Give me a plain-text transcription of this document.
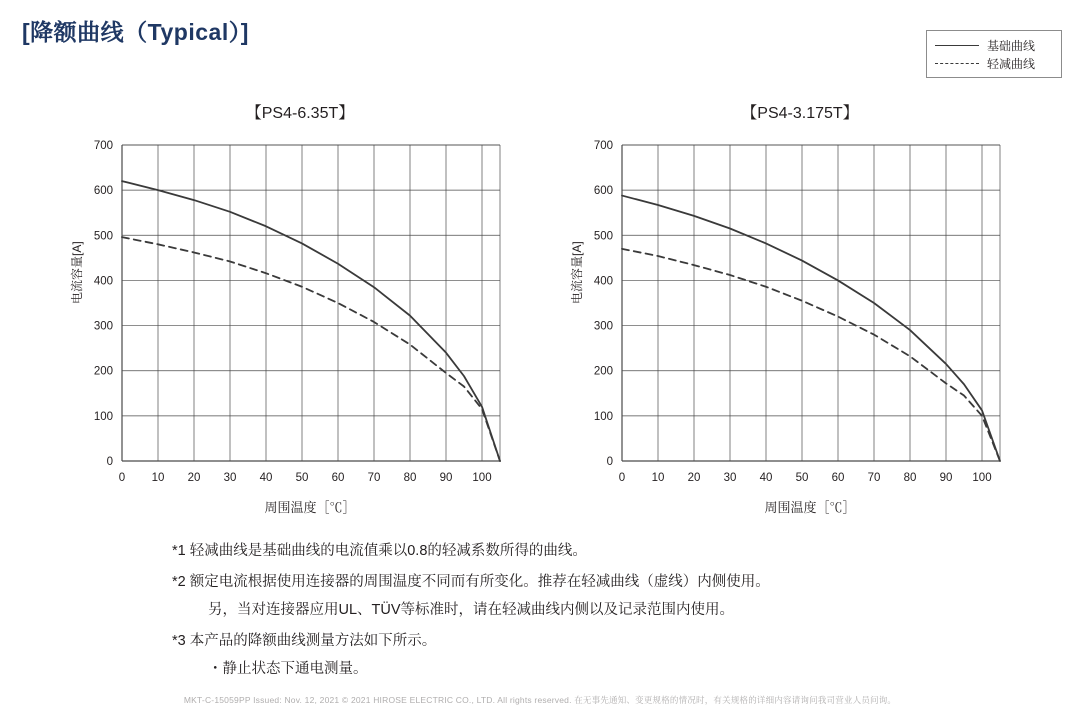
[降额曲线（Typical）]
基础曲线
轻减曲线
【PS4-6.35T】
电流容量[A]
周围温度［℃］
0
100
200
300
400
500
600
700
0 10 20 30 40 50 60 70 80 90 100
【PS4-3.175T】
电流容量[A]
周围温度［℃］
0
100
200
300
400
500
600
700
0 10 20 30 40 50 60 70 80 90 100
*1 轻减曲线是基础曲线的电流值乘以0.8的轻减系数所得的曲线。
*2 额定电流根据使用连接器的周围温度不同而有所变化。推荐在轻减曲线（虚线）内侧使用。
另，当对连接器应用UL、TÜV等标准时，请在轻减曲线内侧以及记录范围内使用。
*3 本产品的降额曲线测量方法如下所示。
・静止状态下通电测量。
MKT-C-15059PP Issued: Nov. 12, 2021 © 2021 HIROSE ELECTRIC CO., LTD. All rights reserved. 在无事先通知、变更规格的情况时，有关规格的详细内容请询问我司营业人员问询。
